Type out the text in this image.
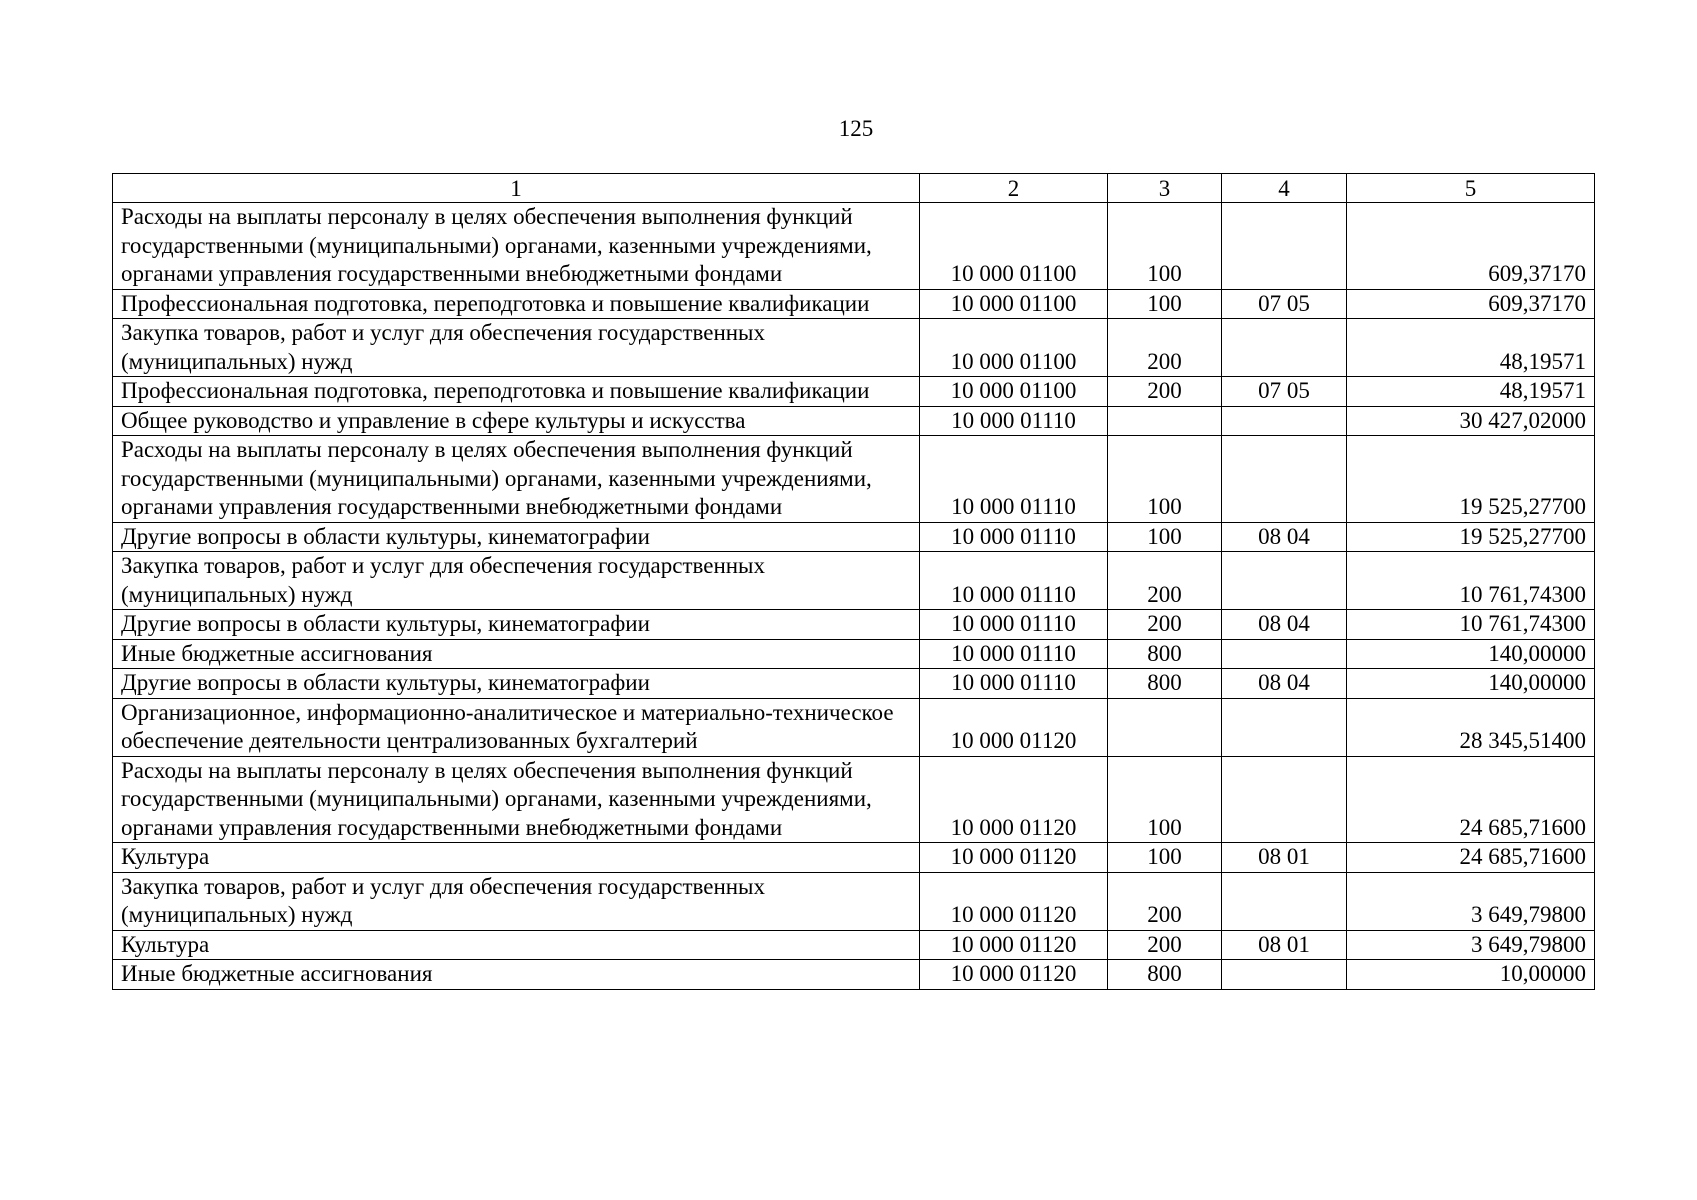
125
1	2	3	4	5
Расходы на выплаты персоналу в целях обеспечения выполнения функций государственными (муниципальными) органами, казенными учреждениями, органами управления государственными внебюджетными фондами	10 000 01100	100		609,37170
Профессиональная подготовка, переподготовка и повышение квалификации	10 000 01100	100	07 05	609,37170
Закупка товаров, работ и услуг для обеспечения государственных (муниципальных) нужд	10 000 01100	200		48,19571
Профессиональная подготовка, переподготовка и повышение квалификации	10 000 01100	200	07 05	48,19571
Общее руководство и управление в сфере культуры и искусства	10 000 01110			30 427,02000
Расходы на выплаты персоналу в целях обеспечения выполнения функций государственными (муниципальными) органами, казенными учреждениями, органами управления государственными внебюджетными фондами	10 000 01110	100		19 525,27700
Другие вопросы в области культуры, кинематографии	10 000 01110	100	08 04	19 525,27700
Закупка товаров, работ и услуг для обеспечения государственных (муниципальных) нужд	10 000 01110	200		10 761,74300
Другие вопросы в области культуры, кинематографии	10 000 01110	200	08 04	10 761,74300
Иные бюджетные ассигнования	10 000 01110	800		140,00000
Другие вопросы в области культуры, кинематографии	10 000 01110	800	08 04	140,00000
Организационное, информационно-аналитическое и материально-техническое обеспечение деятельности централизованных бухгалтерий	10 000 01120			28 345,51400
Расходы на выплаты персоналу в целях обеспечения выполнения функций государственными (муниципальными) органами, казенными учреждениями, органами управления государственными внебюджетными фондами	10 000 01120	100		24 685,71600
Культура	10 000 01120	100	08 01	24 685,71600
Закупка товаров, работ и услуг для обеспечения государственных (муниципальных) нужд	10 000 01120	200		3 649,79800
Культура	10 000 01120	200	08 01	3 649,79800
Иные бюджетные ассигнования	10 000 01120	800		10,00000
